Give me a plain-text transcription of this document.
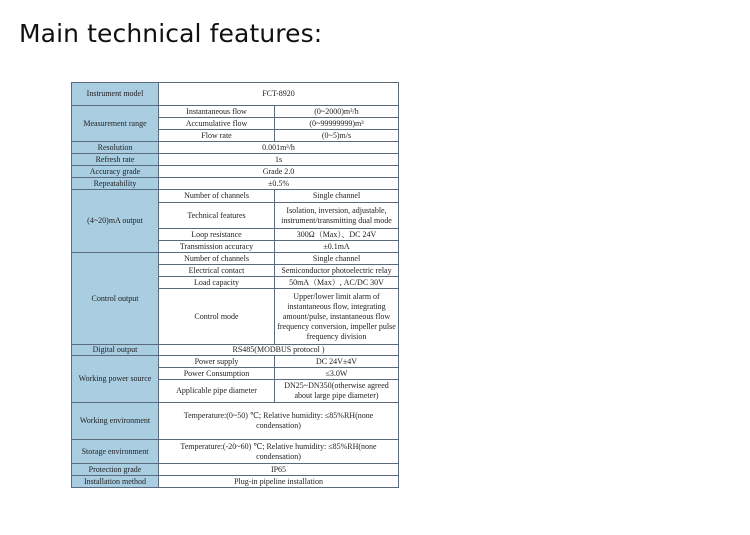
Main technical features:
Instrument model	FCT-8920	
Measurement range	Instantaneous flow	(0~2000)m³/h
	Accumulative flow	(0~99999999)m³
	Flow rate	(0~5)m/s
Resolution	0.001m³/h	
Refresh rate	1s	
Accuracy grade	Grade 2.0	
Repeatability	±0.5%	
(4~20)mA output	Number of channels	Single channel
	Technical features	Isolation, inversion, adjustable, instrument/transmitting dual mode
	Loop resistance	300Ω（Max）、DC 24V
	Transmission accuracy	±0.1mA
Control output	Number of channels	Single channel
	Electrical contact	Semiconductor photoelectric relay
	Load capacity	50mA（Max）, AC/DC 30V
	Control mode	Upper/lower limit alarm of instantaneous flow, integrating amount/pulse, instantaneous flow frequency conversion, impeller pulse frequency division
Digital output	RS485(MODBUS protocol )	
Working power source	Power supply	DC 24V±4V
	Power Consumption	≤3.0W
	Applicable pipe diameter	DN25~DN350(otherwise agreed about large pipe diameter)
Working environment	Temperature:(0~50) ℃; Relative humidity: ≤85%RH(none condensation)	
Storage environment	Temperature:(-20~60) ℃; Relative humidity: ≤85%RH(none condensation)	
Protection grade	IP65	
Installation method	Plug-in pipeline installation	
